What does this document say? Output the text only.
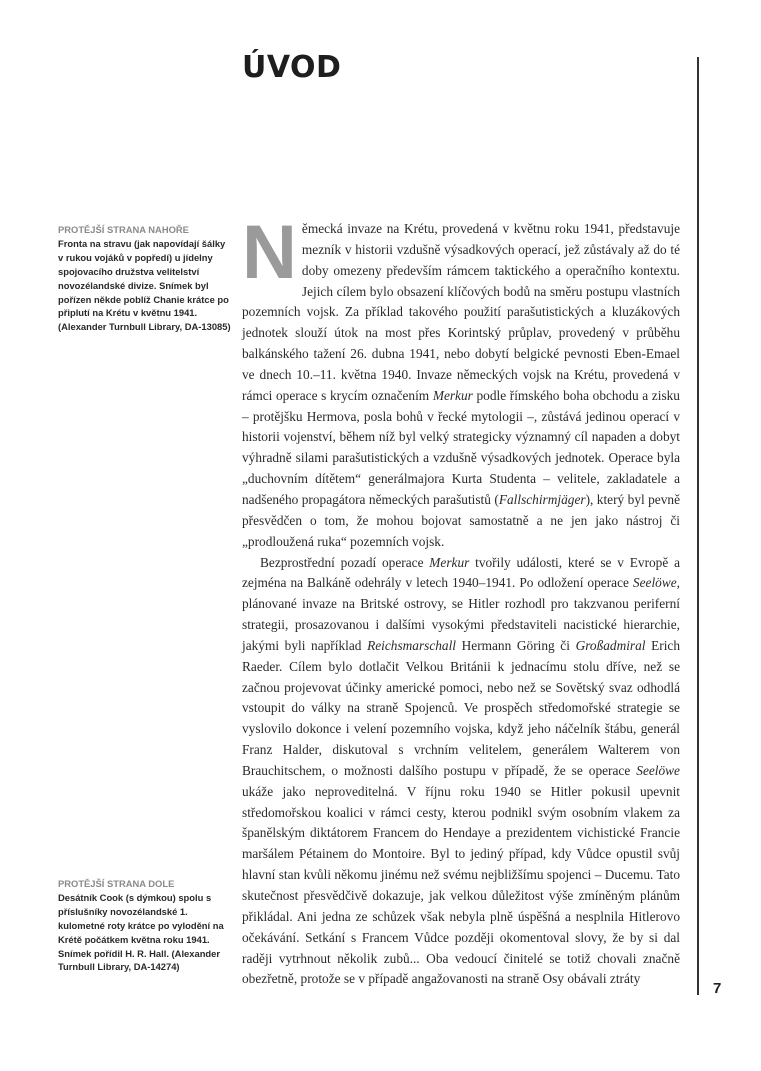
ÚVOD
7
PROTĚJŠÍ STRANA NAHOŘE
Fronta na stravu (jak napovídají šálky v rukou vojáků v popředí) u jídelny spojovacího družstva velitelství novozélandské divize. Snímek byl pořízen někde poblíž Chanie krátce po připlutí na Krétu v květnu 1941. (Alexander Turnbull Library, DA-13085)
PROTĚJŠÍ STRANA DOLE
Desátník Cook (s dýmkou) spolu s příslušníky novozélandské 1. kulometné roty krátce po vylodění na Krétě počátkem května roku 1941. Snímek pořídil H. R. Hall. (Alexander Turnbull Library, DA-14274)

Německá invaze na Krétu, provedená v květnu roku 1941, představuje mezník v historii vzdušně výsadkových operací, jež zůstávaly až do té doby omezeny především rámcem taktického a operačního kontextu. Jejich cílem bylo obsazení klíčových bodů na směru postupu vlastních pozemních vojsk. Za příklad takového použití parašutistických a kluzákových jednotek slouží útok na most přes Korintský průplav, provedený v průběhu balkánského tažení 26. dubna 1941, nebo dobytí belgické pevnosti Eben-Emael ve dnech 10.–11. května 1940. Invaze německých vojsk na Krétu, provedená v rámci operace s krycím označením Merkur podle římského boha obchodu a zisku – protějšku Hermova, posla bohů v řecké mytologii –, zůstává jedinou operací v historii vojenství, během níž byl velký strategicky významný cíl napaden a dobyt výhradně silami parašutistických a vzdušně výsadkových jednotek. Operace byla „duchovním dítětem“ generálmajora Kurta Studenta – velitele, zakladatele a nadšeného propagátora německých parašutistů (Fallschirmjäger), který byl pevně přesvědčen o tom, že mohou bojovat samostatně a ne jen jako nástroj či „prodloužená ruka“ pozemních vojsk.

Bezprostřední pozadí operace Merkur tvořily události, které se v Evropě a zejména na Balkáně odehrály v letech 1940–1941. Po odložení operace Seelöwe, plánované invaze na Britské ostrovy, se Hitler rozhodl pro takzvanou periferní strategii, prosazovanou i dalšími vysokými představiteli nacistické hierarchie, jakými byli například Reichsmarschall Hermann Göring či Großadmiral Erich Raeder. Cílem bylo dotlačit Velkou Británii k jednacímu stolu dříve, než se začnou projevovat účinky americké pomoci, nebo než se Sovětský svaz odhodlá vstoupit do války na straně Spojenců. Ve prospěch středomořské strategie se vyslovilo dokonce i velení pozemního vojska, když jeho náčelník štábu, generál Franz Halder, diskutoval s vrchním velitelem, generálem Walterem von Brauchitschem, o možnosti dalšího postupu v případě, že se operace Seelöwe ukáže jako neproveditelná. V říjnu roku 1940 se Hitler pokusil upevnit středomořskou koalici v rámci cesty, kterou podnikl svým osobním vlakem za španělským diktátorem Francem do Hendaye a prezidentem vichistické Francie maršálem Pétainem do Montoire. Byl to jediný případ, kdy Vůdce opustil svůj hlavní stan kvůli někomu jinému než svému nejbližšímu spojenci – Ducemu. Tato skutečnost přesvědčivě dokazuje, jak velkou důležitost výše zmíněným plánům přikládal. Ani jedna ze schůzek však nebyla plně úspěšná a nesplnila Hitlerovo očekávání. Setkání s Francem Vůdce později okomentoval slovy, že by si dal raději vytrhnout několik zubů... Oba vedoucí činitelé se totiž chovali značně obezřetně, protože se v případě angažovanosti na straně Osy obávali ztráty
